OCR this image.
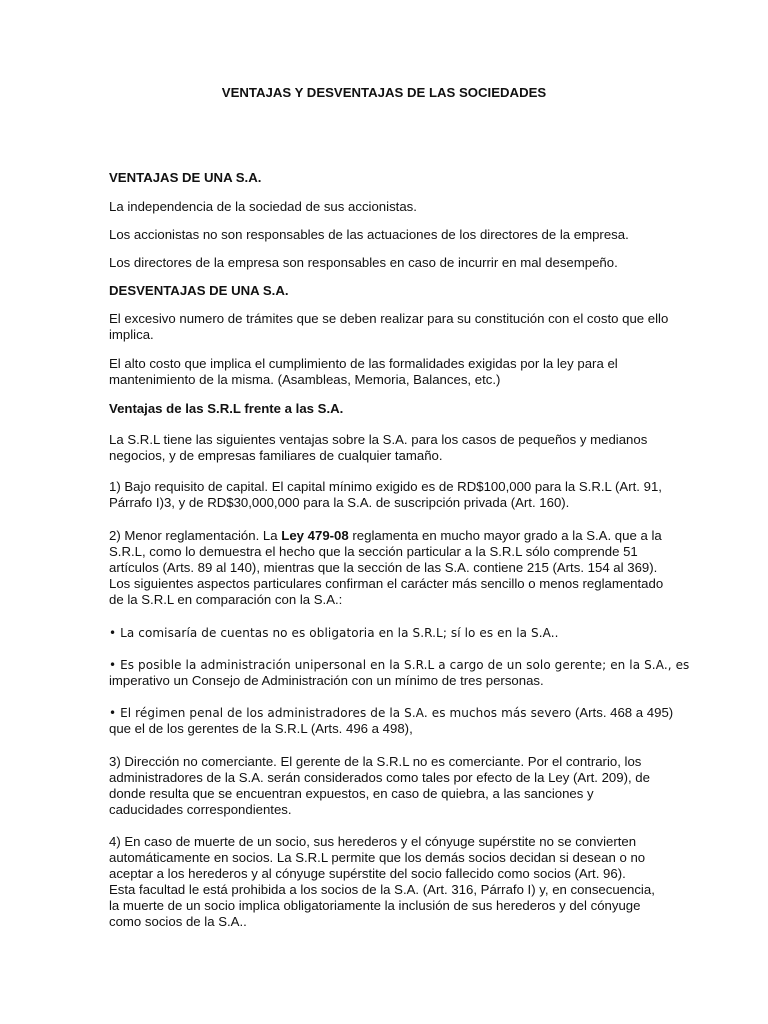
VENTAJAS Y DESVENTAJAS DE LAS SOCIEDADES

VENTAJAS DE UNA S.A.

La independencia de la sociedad de sus accionistas.

Los accionistas no son responsables de las actuaciones de los directores de la empresa.

Los directores de la empresa son responsables en caso de incurrir en mal desempeño.

DESVENTAJAS DE UNA S.A.

El excesivo numero de trámites que se deben realizar para su constitución con el costo que ello
implica.

El alto costo que implica el cumplimiento de las formalidades exigidas por la ley para el
mantenimiento de la misma. (Asambleas, Memoria, Balances, etc.)

Ventajas de las S.R.L frente a las S.A.

La S.R.L tiene las siguientes ventajas sobre la S.A. para los casos de pequeños y medianos
negocios, y de empresas familiares de cualquier tamaño.

1) Bajo requisito de capital. El capital mínimo exigido es de RD$100,000 para la S.R.L (Art. 91,
Párrafo I)3, y de RD$30,000,000 para la S.A. de suscripción privada (Art. 160).

2) Menor reglamentación. La Ley 479-08 reglamenta en mucho mayor grado a la S.A. que a la
S.R.L, como lo demuestra el hecho que la sección particular a la S.R.L sólo comprende 51
artículos (Arts. 89 al 140), mientras que la sección de las S.A. contiene 215 (Arts. 154 al 369).
Los siguientes aspectos particulares confirman el carácter más sencillo o menos reglamentado
de la S.R.L en comparación con la S.A.:

• La comisaría de cuentas no es obligatoria en la S.R.L; sí lo es en la S.A..

• Es posible la administración unipersonal en la S.R.L a cargo de un solo gerente; en la S.A., es
imperativo un Consejo de Administración con un mínimo de tres personas.

• El régimen penal de los administradores de la S.A. es muchos más severo (Arts. 468 a 495)
que el de los gerentes de la S.R.L (Arts. 496 a 498),

3) Dirección no comerciante. El gerente de la S.R.L no es comerciante. Por el contrario, los
administradores de la S.A. serán considerados como tales por efecto de la Ley (Art. 209), de
donde resulta que se encuentran expuestos, en caso de quiebra, a las sanciones y
caducidades correspondientes.

4) En caso de muerte de un socio, sus herederos y el cónyuge supérstite no se convierten
automáticamente en socios. La S.R.L permite que los demás socios decidan si desean o no
aceptar a los herederos y al cónyuge supérstite del socio fallecido como socios (Art. 96).
Esta facultad le está prohibida a los socios de la S.A. (Art. 316, Párrafo I) y, en consecuencia,
la muerte de un socio implica obligatoriamente la inclusión de sus herederos y del cónyuge
como socios de la S.A..
